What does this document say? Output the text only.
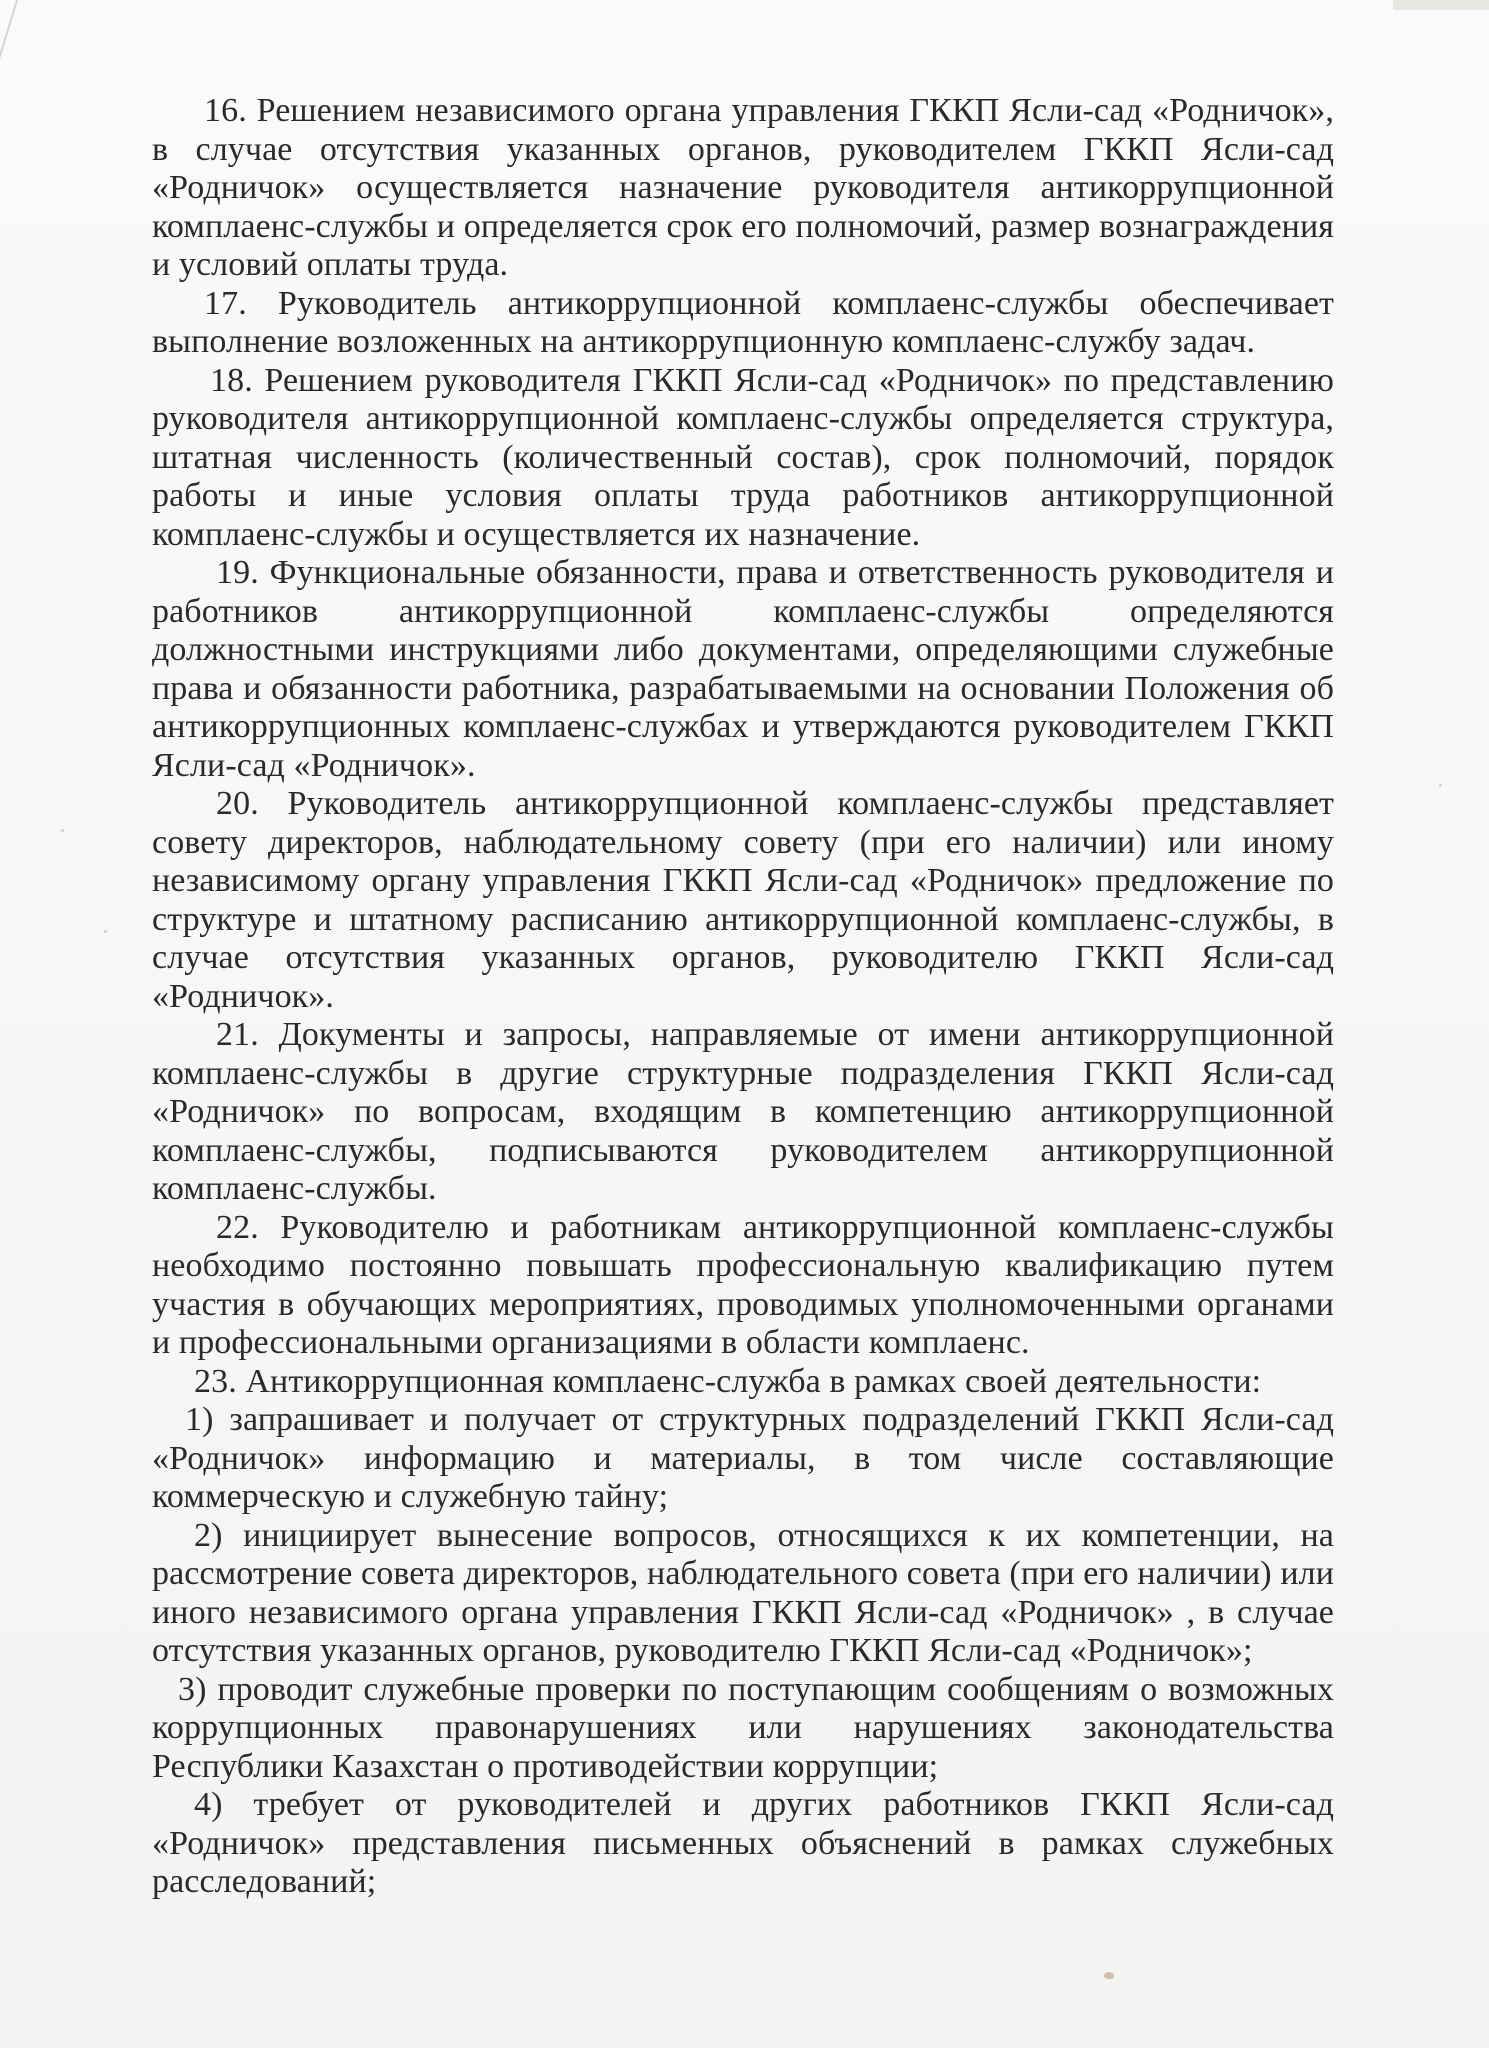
16. Решением независимого органа управления ГККП Ясли-сад «Родничок», в случае отсутствия указанных органов, руководителем ГККП Ясли-сад «Родничок» осуществляется назначение руководителя антикоррупционной комплаенс-службы и определяется срок его полномочий, размер вознаграждения и условий оплаты труда.

17. Руководитель антикоррупционной комплаенс-службы обеспечивает выполнение возложенных на антикоррупционную комплаенс-службу задач.

18. Решением руководителя ГККП Ясли-сад «Родничок» по представлению руководителя антикоррупционной комплаенс-службы определяется структура, штатная численность (количественный состав), срок полномочий, порядок работы и иные условия оплаты труда работников антикоррупционной комплаенс-службы и осуществляется их назначение.

19. Функциональные обязанности, права и ответственность руководителя и работников антикоррупционной комплаенс-службы определяются должностными инструкциями либо документами, определяющими служебные права и обязанности работника, разрабатываемыми на основании Положения об антикоррупционных комплаенс-службах и утверждаются руководителем ГККП Ясли-сад «Родничок».

20. Руководитель антикоррупционной комплаенс-службы представляет совету директоров, наблюдательному совету (при его наличии) или иному независимому органу управления ГККП Ясли-сад «Родничок» предложение по структуре и штатному расписанию антикоррупционной комплаенс-службы, в случае отсутствия указанных органов, руководителю ГККП Ясли-сад «Родничок».

21. Документы и запросы, направляемые от имени антикоррупционной комплаенс-службы в другие структурные подразделения ГККП Ясли-сад «Родничок» по вопросам, входящим в компетенцию антикоррупционной комплаенс-службы, подписываются руководителем антикоррупционной комплаенс-службы.

22. Руководителю и работникам антикоррупционной комплаенс-службы необходимо постоянно повышать профессиональную квалификацию путем участия в обучающих мероприятиях, проводимых уполномоченными органами и профессиональными организациями в области комплаенс.

23. Антикоррупционная комплаенс-служба в рамках своей деятельности:

1) запрашивает и получает от структурных подразделений ГККП Ясли-сад «Родничок» информацию и материалы, в том числе составляющие коммерческую и служебную тайну;

2) инициирует вынесение вопросов, относящихся к их компетенции, на рассмотрение совета директоров, наблюдательного совета (при его наличии) или иного независимого органа управления ГККП Ясли-сад «Родничок» , в случае отсутствия указанных органов, руководителю ГККП Ясли-сад «Родничок»;

3) проводит служебные проверки по поступающим сообщениям о возможных коррупционных правонарушениях или нарушениях законодательства Республики Казахстан о противодействии коррупции;

4) требует от руководителей и других работников ГККП Ясли-сад «Родничок» представления письменных объяснений в рамках служебных расследований;
